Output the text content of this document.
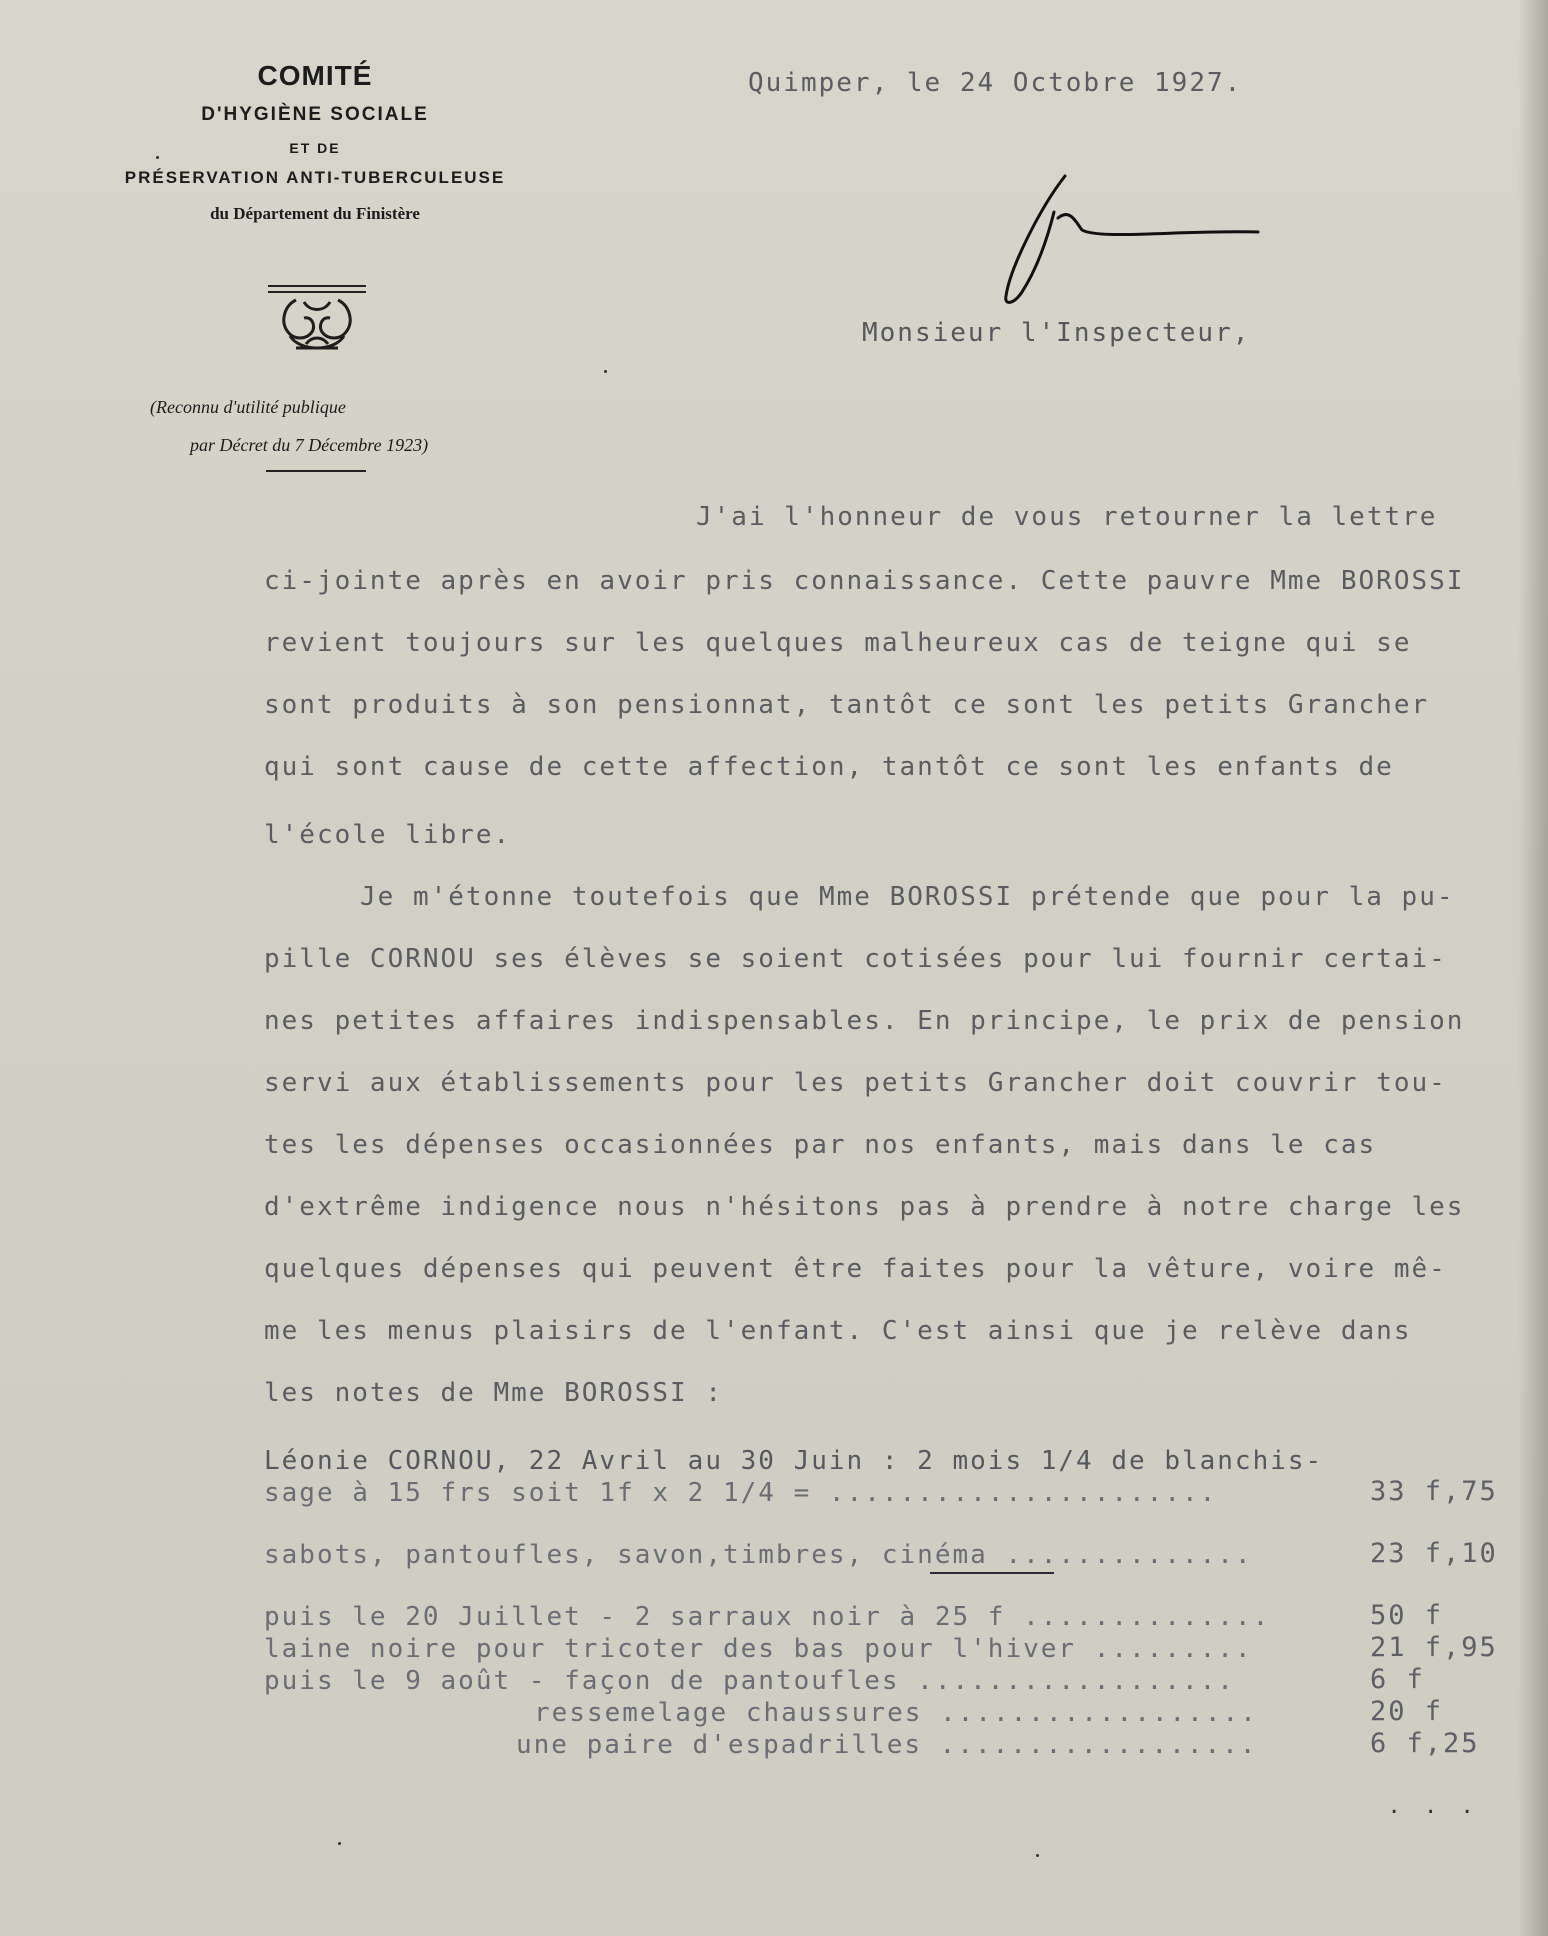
COMITÉ
D'HYGIÈNE SOCIALE
ET DE
PRÉSERVATION ANTI-TUBERCULEUSE
du Département du Finistère
(Reconnu d'utilité publique
par Décret du 7 Décembre 1923)
Quimper, le 24 Octobre 1927.
Monsieur l'Inspecteur,
J'ai l'honneur de vous retourner la lettre
ci-jointe après en avoir pris connaissance. Cette pauvre Mme BOROSSI
revient toujours sur les quelques malheureux cas de teigne qui se
sont produits à son pensionnat, tantôt ce sont les petits Grancher
qui sont cause de cette affection, tantôt ce sont les enfants de
l'école libre.
Je m'étonne toutefois que Mme BOROSSI prétende que pour la pu-
pille CORNOU ses élèves se soient cotisées pour lui fournir certai-
nes petites affaires indispensables. En principe, le prix de pension
servi aux établissements pour les petits Grancher doit couvrir tou-
tes les dépenses occasionnées par nos enfants, mais dans le cas
d'extrême indigence nous n'hésitons pas à prendre à notre charge les
quelques dépenses qui peuvent être faites pour la vêture, voire mê-
me les menus plaisirs de l'enfant. C'est ainsi que je relève dans
les notes de Mme BOROSSI :
Léonie CORNOU, 22 Avril au 30 Juin : 2 mois 1/4 de blanchis-
sage à 15 frs soit 1f x 2 1/4 = ......................	33 f,75
sabots, pantoufles, savon,timbres, cinéma ..............	23 f,10
puis le 20 Juillet - 2 sarraux noir à 25 f ..............	50 f
laine noire pour tricoter des bas pour l'hiver .........	21 f,95
puis le 9 août - façon de pantoufles ..................	6 f
ressemelage chaussures ..................	20 f
une paire d'espadrilles ..................	6 f,25
. . .
